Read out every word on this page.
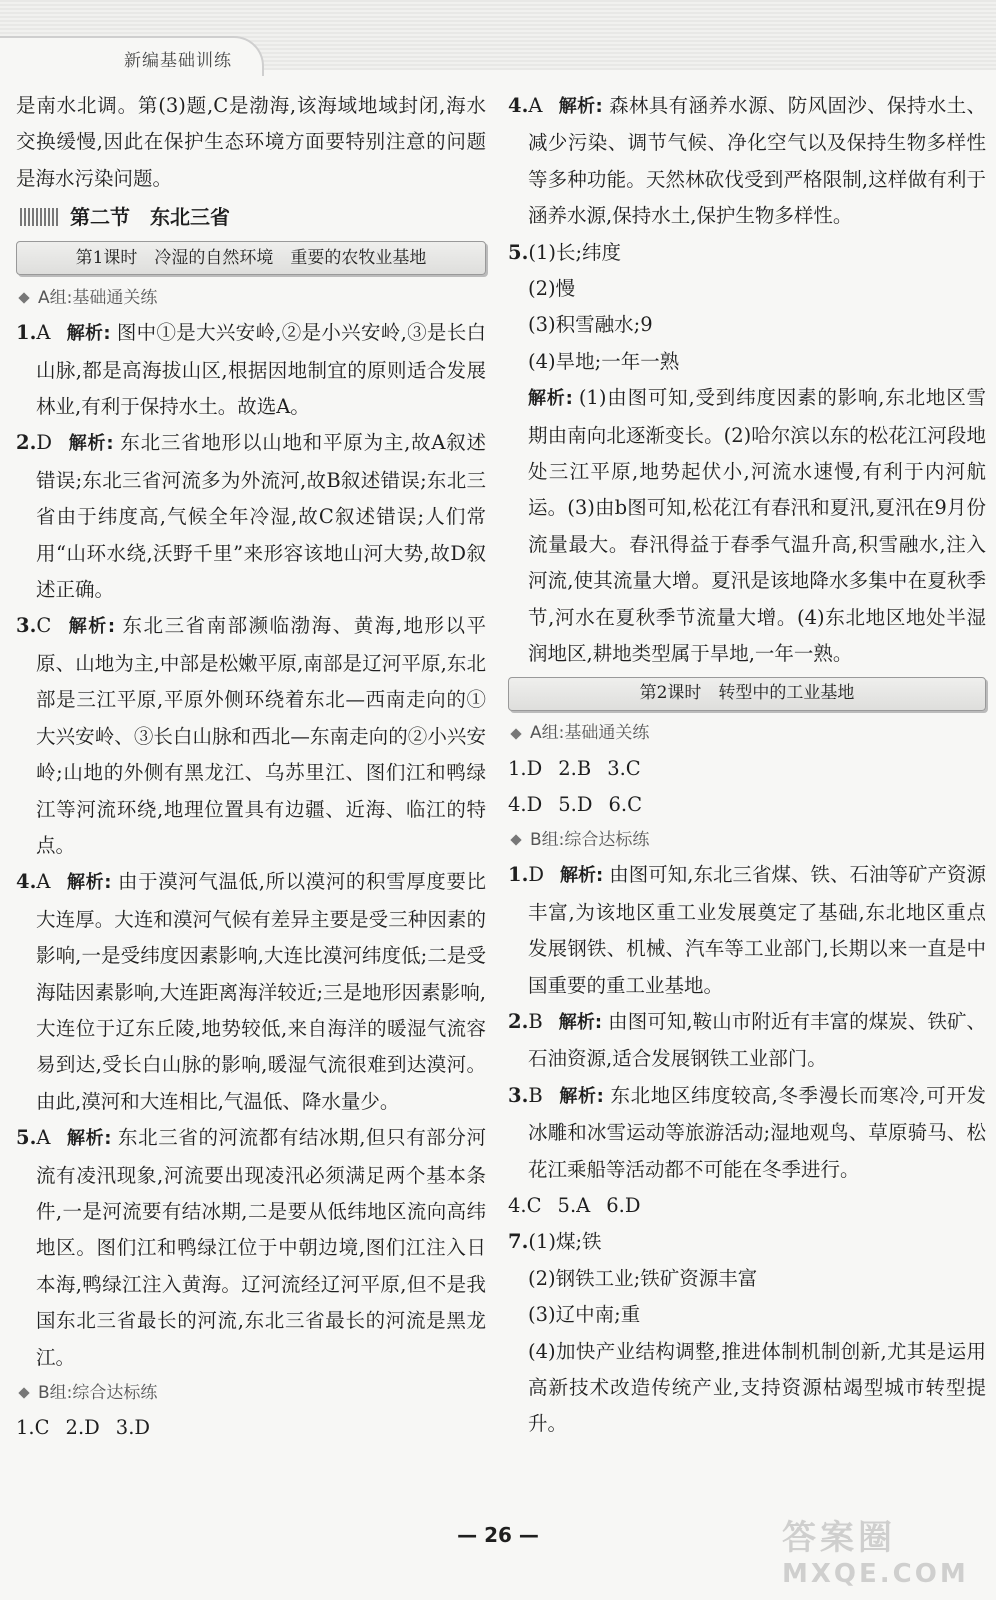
新编基础训练

是南水北调。第(3)题,C是渤海,该海域地域封闭,海水交换缓慢,因此在保护生态环境方面要特别注意的问题是海水污染问题。

第二节　东北三省
第1课时　冷湿的自然环境　重要的农牧业基地
A组:基础通关练

1.A 解析: 图中①是大兴安岭,②是小兴安岭,③是长白山脉,都是高海拔山区,根据因地制宜的原则适合发展林业,有利于保持水土。故选A。

2.D 解析: 东北三省地形以山地和平原为主,故A叙述错误;东北三省河流多为外流河,故B叙述错误;东北三省由于纬度高,气候全年冷湿,故C叙述错误;人们常用“山环水绕,沃野千里”来形容该地山河大势,故D叙述正确。

3.C 解析: 东北三省南部濒临渤海、黄海,地形以平原、山地为主,中部是松嫩平原,南部是辽河平原,东北部是三江平原,平原外侧环绕着东北—西南走向的①大兴安岭、③长白山脉和西北—东南走向的②小兴安岭;山地的外侧有黑龙江、乌苏里江、图们江和鸭绿江等河流环绕,地理位置具有边疆、近海、临江的特点。

4.A 解析: 由于漠河气温低,所以漠河的积雪厚度要比大连厚。大连和漠河气候有差异主要是受三种因素的影响,一是受纬度因素影响,大连比漠河纬度低;二是受海陆因素影响,大连距离海洋较近;三是地形因素影响,大连位于辽东丘陵,地势较低,来自海洋的暖湿气流容易到达,受长白山脉的影响,暖湿气流很难到达漠河。由此,漠河和大连相比,气温低、降水量少。

5.A 解析: 东北三省的河流都有结冰期,但只有部分河流有凌汛现象,河流要出现凌汛必须满足两个基本条件,一是河流要有结冰期,二是要从低纬地区流向高纬地区。图们江和鸭绿江位于中朝边境,图们江注入日本海,鸭绿江注入黄海。辽河流经辽河平原,但不是我国东北三省最长的河流,东北三省最长的河流是黑龙江。

B组:综合达标练

1.C 2.D 3.D

4.A 解析: 森林具有涵养水源、防风固沙、保持水土、减少污染、调节气候、净化空气以及保持生物多样性等多种功能。天然林砍伐受到严格限制,这样做有利于涵养水源,保持水土,保护生物多样性。

5.(1)长;纬度

(2)慢

(3)积雪融水;9

(4)旱地;一年一熟

解析: (1)由图可知,受到纬度因素的影响,东北地区雪期由南向北逐渐变长。(2)哈尔滨以东的松花江河段地处三江平原,地势起伏小,河流水速慢,有利于内河航运。(3)由b图可知,松花江有春汛和夏汛,夏汛在9月份流量最大。春汛得益于春季气温升高,积雪融水,注入河流,使其流量大增。夏汛是该地降水多集中在夏秋季节,河水在夏秋季节流量大增。(4)东北地区地处半湿润地区,耕地类型属于旱地,一年一熟。

第2课时　转型中的工业基地
A组:基础通关练

1.D 2.B 3.C

4.D 5.D 6.C

B组:综合达标练

1.D 解析: 由图可知,东北三省煤、铁、石油等矿产资源丰富,为该地区重工业发展奠定了基础,东北地区重点发展钢铁、机械、汽车等工业部门,长期以来一直是中国重要的重工业基地。

2.B 解析: 由图可知,鞍山市附近有丰富的煤炭、铁矿、石油资源,适合发展钢铁工业部门。

3.B 解析: 东北地区纬度较高,冬季漫长而寒冷,可开发冰雕和冰雪运动等旅游活动;湿地观鸟、草原骑马、松花江乘船等活动都不可能在冬季进行。

4.C 5.A 6.D

7.(1)煤;铁

(2)钢铁工业;铁矿资源丰富

(3)辽中南;重

(4)加快产业结构调整,推进体制机制创新,尤其是运用高新技术改造传统产业,支持资源枯竭型城市转型提升。

— 26 —	答案圈
MXQE.COM
